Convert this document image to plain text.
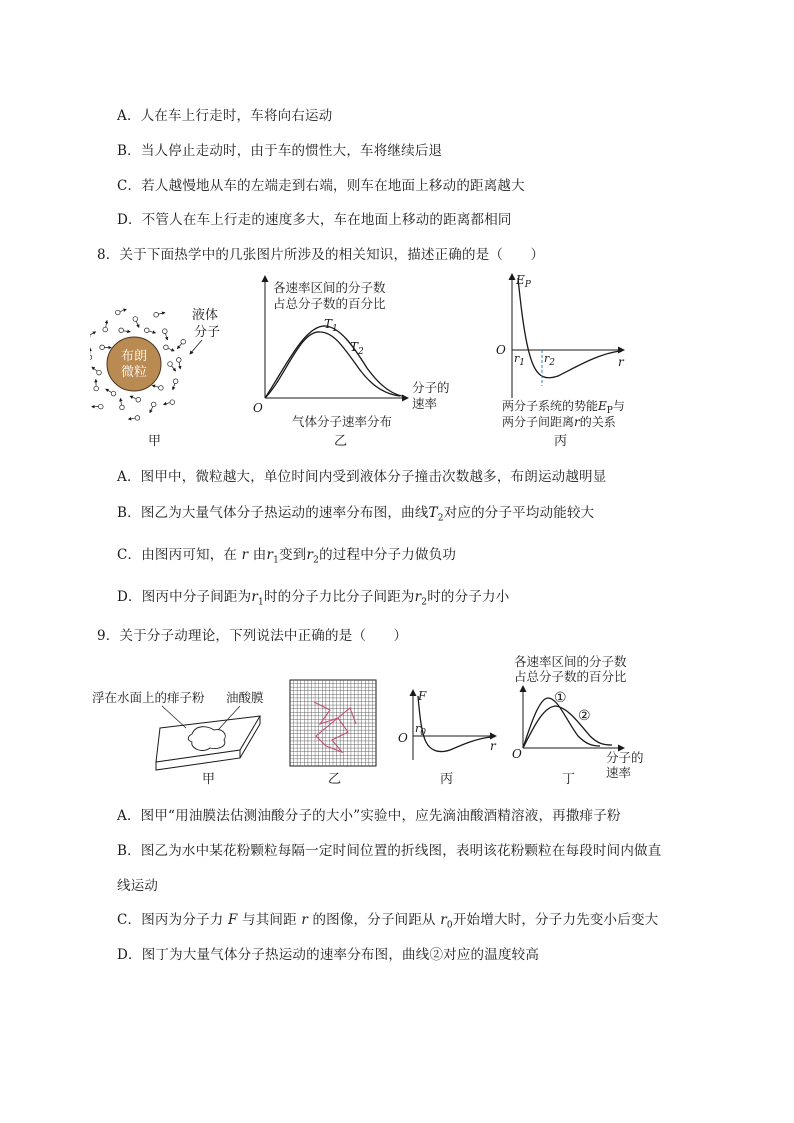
A．人在车上行走时，车将向右运动
B．当人停止走动时，由于车的惯性大，车将继续后退
C．若人越慢地从车的左端走到右端，则车在地面上移动的距离越大
D．不管人在车上行走的速度多大，车在地面上移动的距离都相同
8．关于下面热学中的几张图片所涉及的相关知识，描述正确的是（　　）
布朗
微粒
液体
分子
甲
各速率区间的分子数
占总分子数的百分比
O
$T_1$
$T_2$
分子的
速率
气体分子速率分布
乙
$E_P$
O
$r_1$ $r_2$	r
两分子系统的势能$E_P$与
两分子间距离r的关系
丙
A．图甲中，微粒越大，单位时间内受到液体分子撞击次数越多，布朗运动越明显
B．图乙为大量气体分子热运动的速率分布图，曲线$T_2$对应的分子平均动能较大
C．由图丙可知，在 r 由$r_1$变到$r_2$的过程中分子力做负功
D．图丙中分子间距为$r_1$时的分子力比分子间距为$r_2$时的分子力小
9．关于分子动理论，下列说法中正确的是（　　）
浮在水面上的痱子粉 油酸膜
甲	乙
F
O
$r_0$
r
丙
各速率区间的分子数
占总分子数的百分比
O
①
②
分子的
速率
丁
A．图甲“用油膜法估测油酸分子的大小”实验中，应先滴油酸酒精溶液，再撒痱子粉
B．图乙为水中某花粉颗粒每隔一定时间位置的折线图，表明该花粉颗粒在每段时间内做直
线运动
C．图丙为分子力 F 与其间距 r 的图像，分子间距从 $r_0$开始增大时，分子力先变小后变大
D．图丁为大量气体分子热运动的速率分布图，曲线②对应的温度较高
